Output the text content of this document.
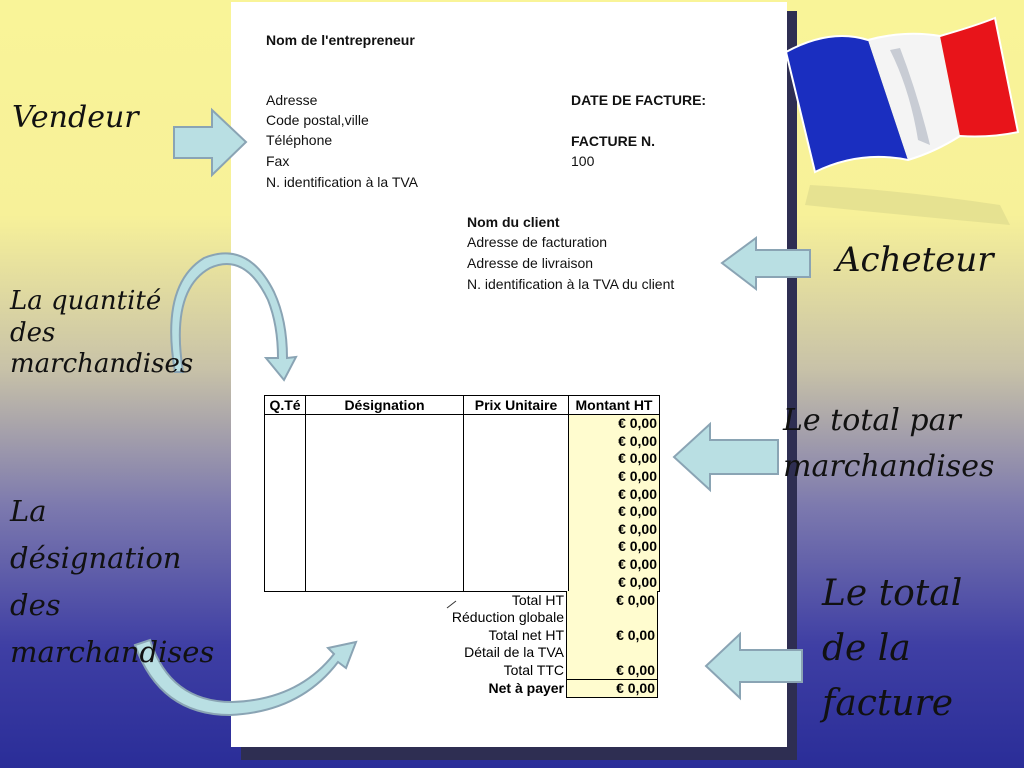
Nom de l'entrepreneur
Adresse
Code postal,ville
Téléphone
Fax
N. identification à la TVA
DATE DE FACTURE:
FACTURE N.
100
Nom du client
Adresse de facturation
Adresse de livraison
N. identification à la TVA du client
Q.Té	Désignation	Prix Unitaire	Montant HT
			€ 0,00
			€ 0,00
			€ 0,00
			€ 0,00
			€ 0,00
			€ 0,00
			€ 0,00
			€ 0,00
			€ 0,00
			€ 0,00
Total HT	€ 0,00
Réduction globale	
Total net HT	€ 0,00
Détail de la TVA	
Total TTC	€ 0,00
Net à payer	€ 0,00

Vendeur

Acheteur

La quantité
des
marchandises
La
désignation
des
marchandises
Le total par
marchandises
Le total
de la
facture
